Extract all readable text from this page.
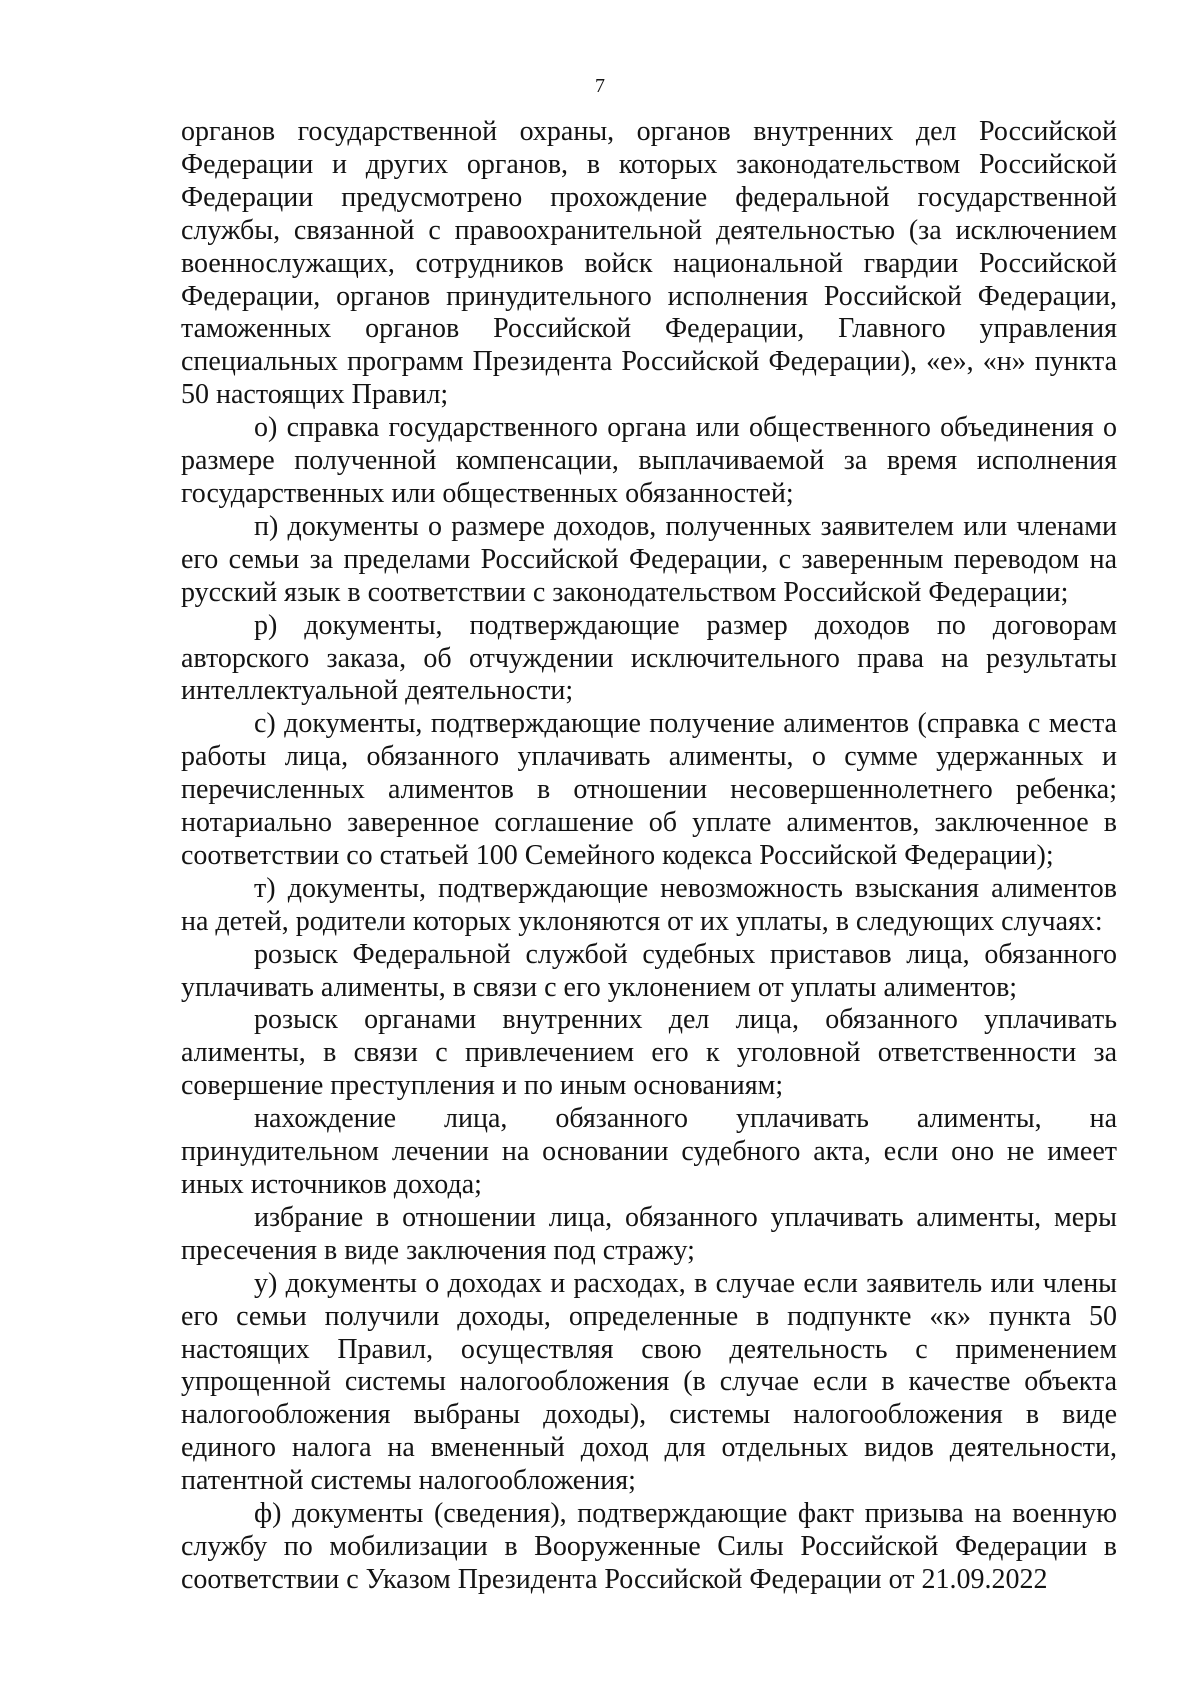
7

органов государственной охраны, органов внутренних дел Российской Федерации и других органов, в которых законодательством Российской Федерации предусмотрено прохождение федеральной государственной службы, связанной с правоохранительной деятельностью (за исключением военнослужащих, сотрудников войск национальной гвардии Российской Федерации, органов принудительного исполнения Российской Федерации, таможенных органов Российской Федерации, Главного управления специальных программ Президента Российской Федерации), «е», «н» пункта 50 настоящих Правил;

о) справка государственного органа или общественного объединения о размере полученной компенсации, выплачиваемой за время исполнения государственных или общественных обязанностей;

п) документы о размере доходов, полученных заявителем или членами его семьи за пределами Российской Федерации, с заверенным переводом на русский язык в соответствии с законодательством Российской Федерации;

р) документы, подтверждающие размер доходов по договорам авторского заказа, об отчуждении исключительного права на результаты интеллектуальной деятельности;

с) документы, подтверждающие получение алиментов (справка с места работы лица, обязанного уплачивать алименты, о сумме удержанных и перечисленных алиментов в отношении несовершеннолетнего ребенка; нотариально заверенное соглашение об уплате алиментов, заключенное в соответствии со статьей 100 Семейного кодекса Российской Федерации);

т) документы, подтверждающие невозможность взыскания алиментов на детей, родители которых уклоняются от их уплаты, в следующих случаях:

розыск Федеральной службой судебных приставов лица, обязанного уплачивать алименты, в связи с его уклонением от уплаты алиментов;

розыск органами внутренних дел лица, обязанного уплачивать алименты, в связи с привлечением его к уголовной ответственности за совершение преступления и по иным основаниям;

нахождение лица, обязанного уплачивать алименты, на принудительном лечении на основании судебного акта, если оно не имеет иных источников дохода;

избрание в отношении лица, обязанного уплачивать алименты, меры пресечения в виде заключения под стражу;

у) документы о доходах и расходах, в случае если заявитель или члены его семьи получили доходы, определенные в подпункте «к» пункта 50 настоящих Правил, осуществляя свою деятельность с применением упрощенной системы налогообложения (в случае если в качестве объекта налогообложения выбраны доходы), системы налогообложения в виде единого налога на вмененный доход для отдельных видов деятельности, патентной системы налогообложения;

ф) документы (сведения), подтверждающие факт призыва на военную службу по мобилизации в Вооруженные Силы Российской Федерации в соответствии с Указом Президента Российской Федерации от 21.09.2022
